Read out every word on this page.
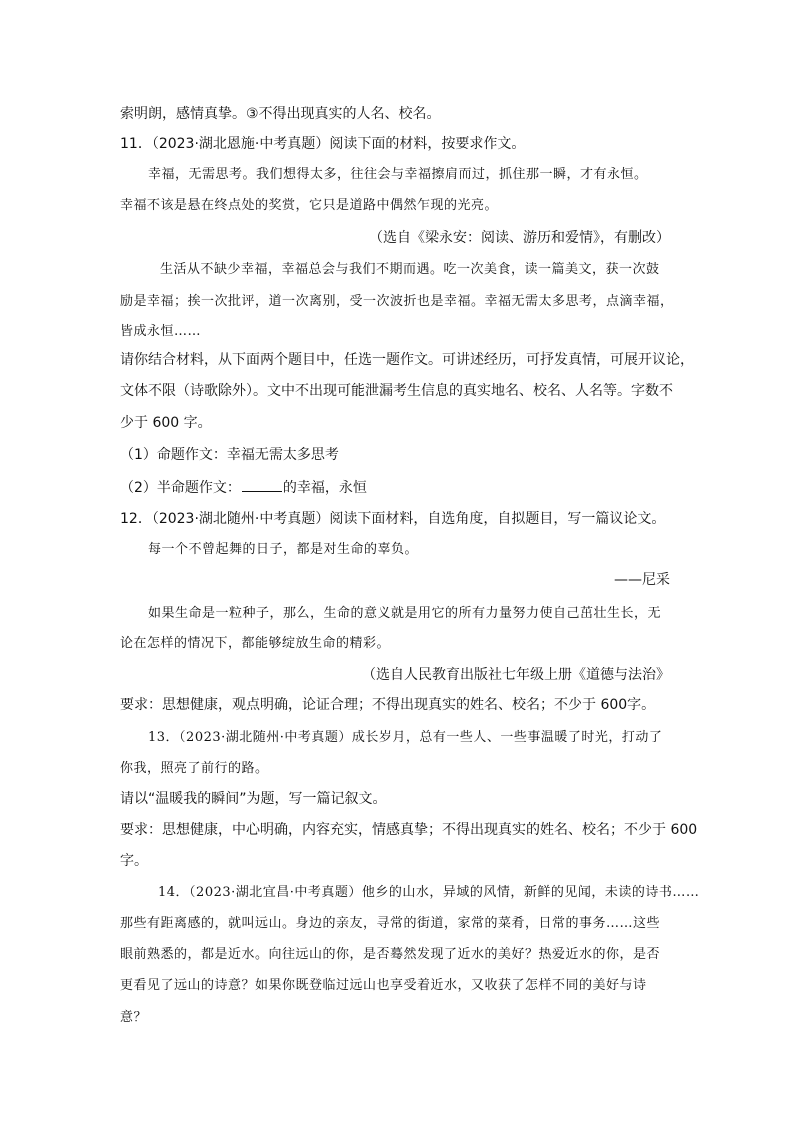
索明朗，感情真挚。③不得出现真实的人名、校名。
11．（2023·湖北恩施·中考真题）阅读下面的材料，按要求作文。
幸福，无需思考。我们想得太多，往往会与幸福擦肩而过，抓住那一瞬，才有永恒。
幸福不该是悬在终点处的奖赏，它只是道路中偶然乍现的光亮。
（选自《梁永安：阅读、游历和爱情》，有删改）
生活从不缺少幸福，幸福总会与我们不期而遇。吃一次美食，读一篇美文，获一次鼓
励是幸福；挨一次批评，道一次离别，受一次波折也是幸福。幸福无需太多思考，点滴幸福，
皆成永恒……
请你结合材料，从下面两个题目中，任选一题作文。可讲述经历，可抒发真情，可展开议论，
文体不限（诗歌除外）。文中不出现可能泄漏考生信息的真实地名、校名、人名等。字数不
少于 600 字。
（1）命题作文：幸福无需太多思考
（2）半命题作文：	的幸福，永恒
12．（2023·湖北随州·中考真题）阅读下面材料，自选角度，自拟题目，写一篇议论文。
每一个不曾起舞的日子，都是对生命的辜负。
——尼采
如果生命是一粒种子，那么，生命的意义就是用它的所有力量努力使自己茁壮生长，无
论在怎样的情况下，都能够绽放生命的精彩。
（选自人民教育出版社七年级上册《道德与法治》
要求：思想健康，观点明确，论证合理；不得出现真实的姓名、校名；不少于 600字。
13．（2023·湖北随州·中考真题）成长岁月，总有一些人、一些事温暖了时光，打动了
你我，照亮了前行的路。
请以“温暖我的瞬间”为题，写一篇记叙文。
要求：思想健康，中心明确，内容充实，情感真挚；不得出现真实的姓名、校名；不少于 600
字。
14．（2023·湖北宜昌·中考真题）他乡的山水，异域的风情，新鲜的见闻，未读的诗书……
那些有距离感的，就叫远山。身边的亲友，寻常的街道，家常的菜肴，日常的事务……这些
眼前熟悉的，都是近水。向往远山的你，是否蓦然发现了近水的美好？热爱近水的你，是否
更看见了远山的诗意？如果你既登临过远山也享受着近水，又收获了怎样不同的美好与诗
意？
